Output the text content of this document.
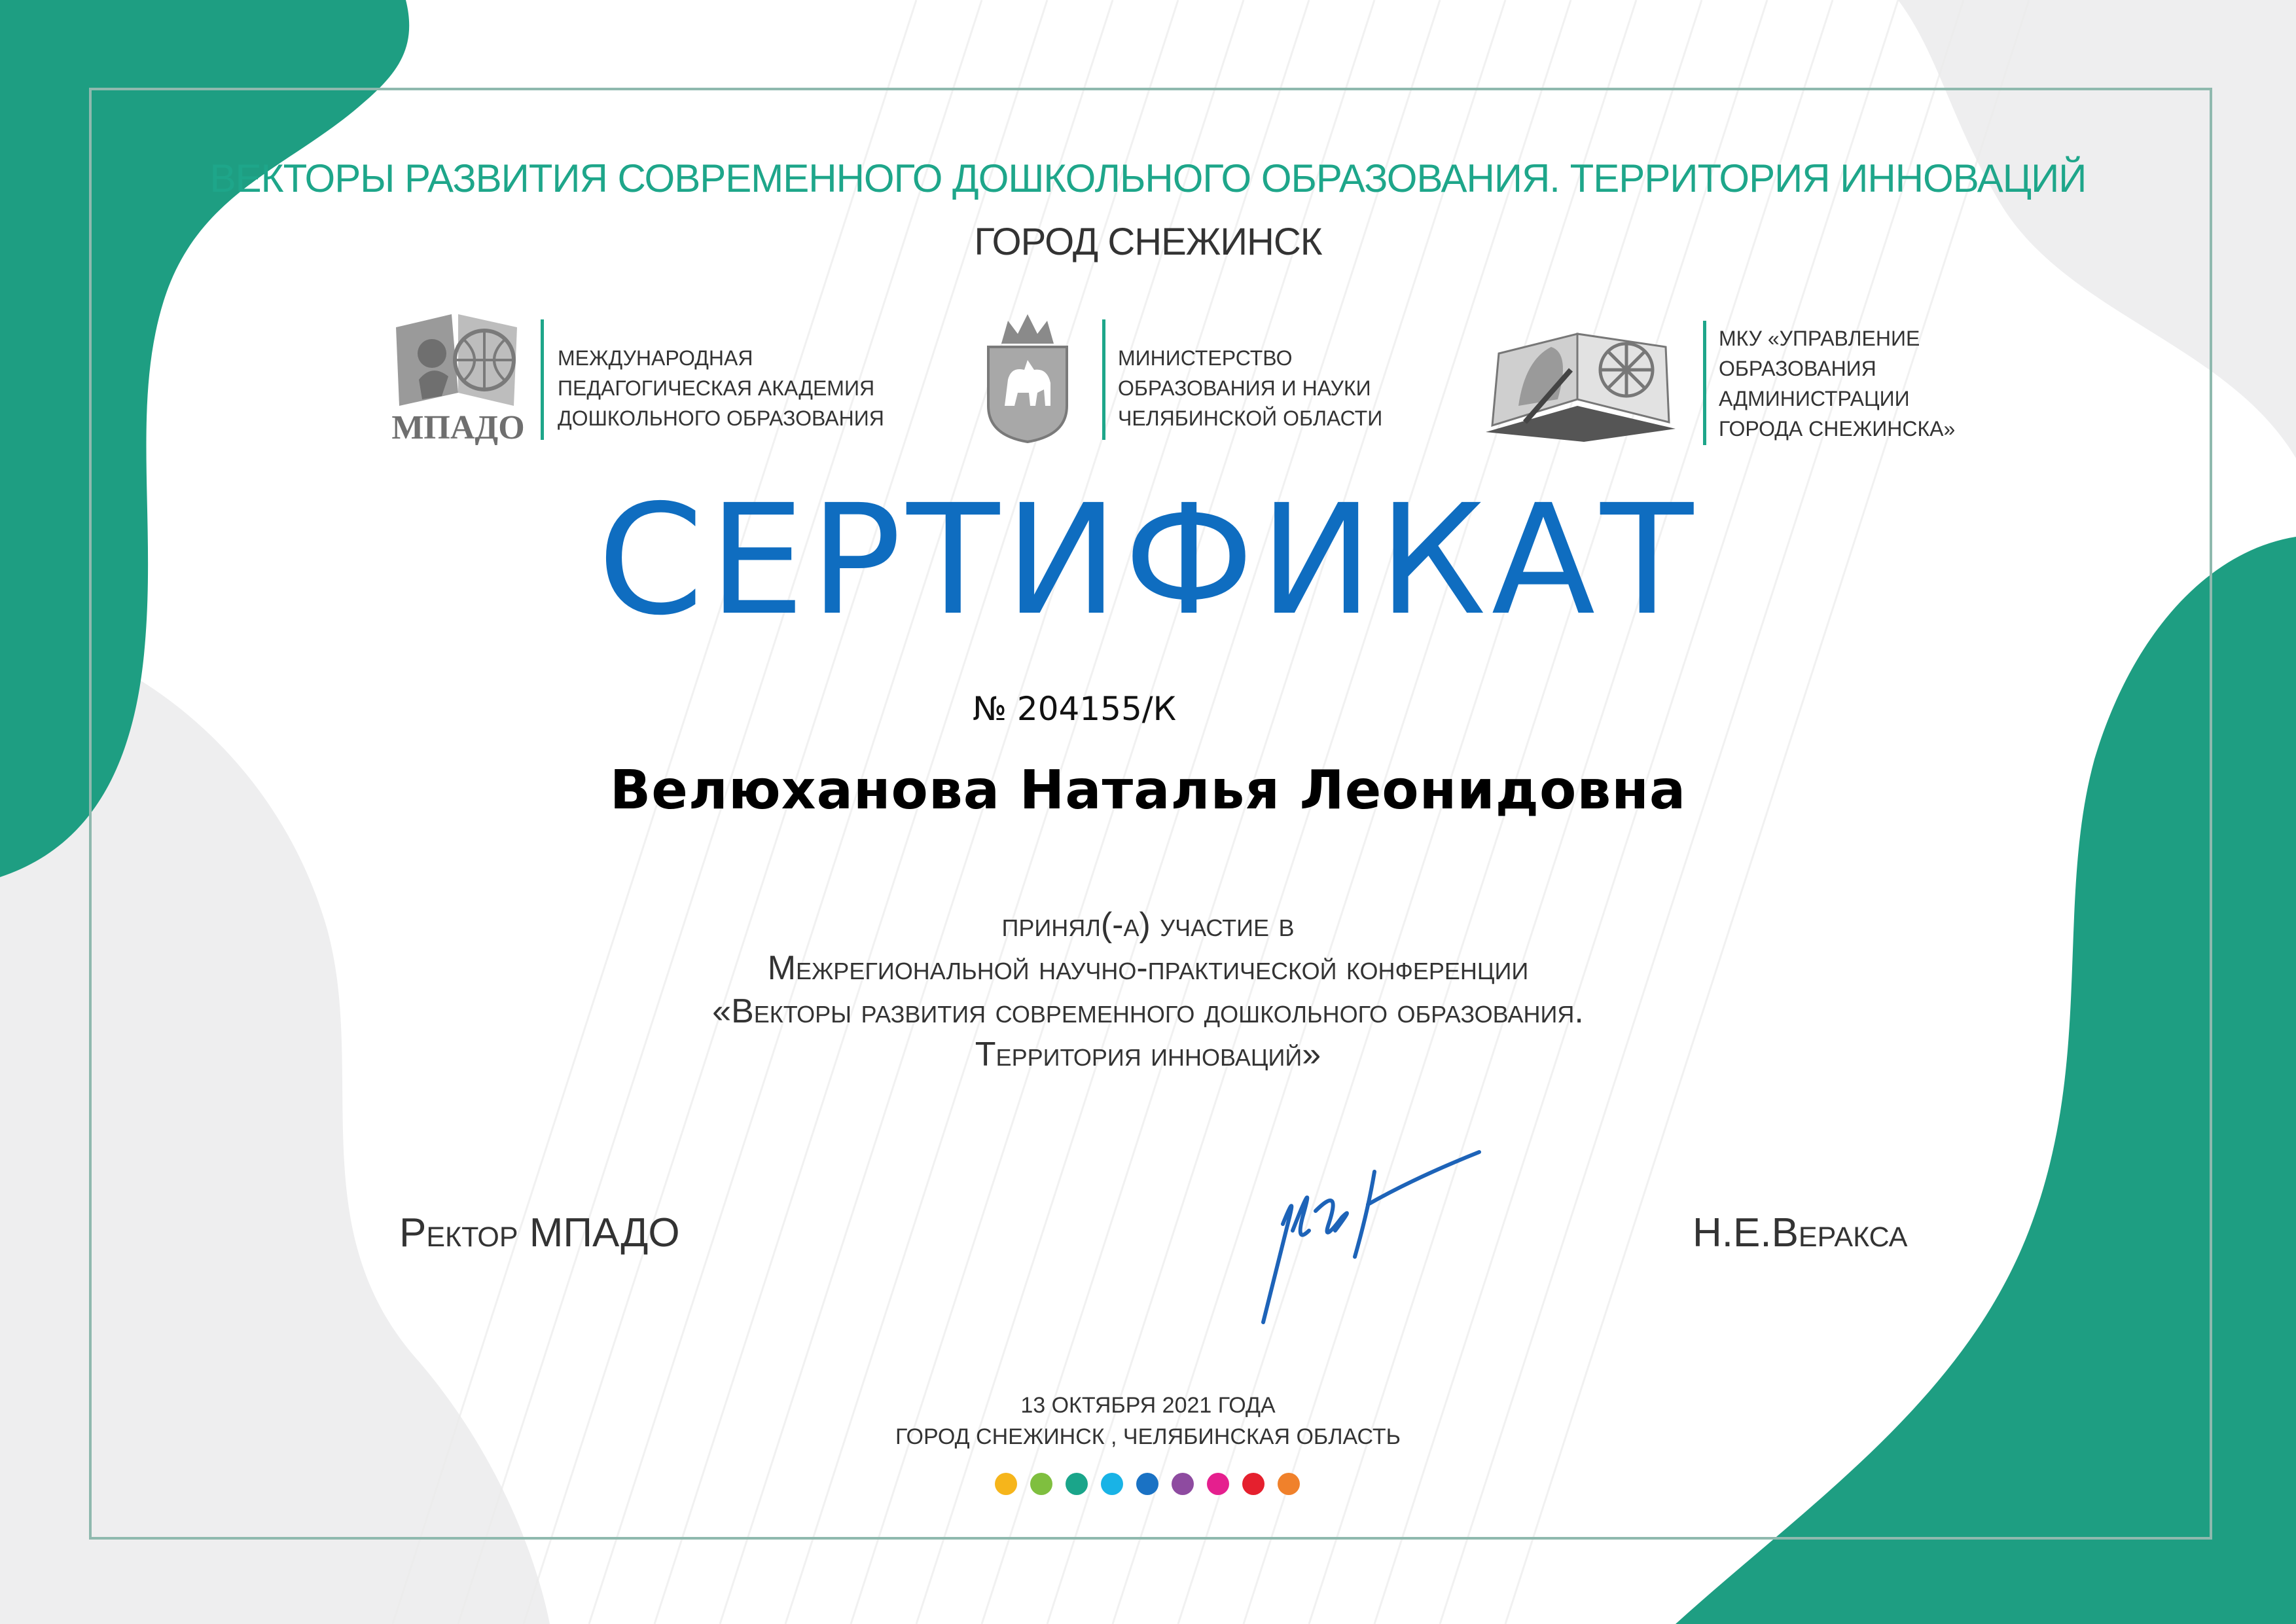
ВЕКТОРЫ РАЗВИТИЯ СОВРЕМЕННОГО ДОШКОЛЬНОГО ОБРАЗОВАНИЯ. ТЕРРИТОРИЯ ИННОВАЦИЙ
ГОРОД СНЕЖИНСК
МПАДО
МЕЖДУНАРОДНАЯ
ПЕДАГОГИЧЕСКАЯ АКАДЕМИЯ
ДОШКОЛЬНОГО ОБРАЗОВАНИЯ
МИНИСТЕРСТВО
ОБРАЗОВАНИЯ И НАУКИ
ЧЕЛЯБИНСКОЙ ОБЛАСТИ
МКУ «УПРАВЛЕНИЕ
ОБРАЗОВАНИЯ
АДМИНИСТРАЦИИ
ГОРОДА СНЕЖИНСКА»
СЕРТИФИКАТ
№ 204155/К
Велюханова Наталья Леонидовна
принял(-а) участие в
Межрегиональной научно-практической конференции
«Векторы развития современного дошкольного образования.
Территория инноваций»
Ректор МПАДО	Н.Е.Веракса
13 ОКТЯБРЯ 2021 ГОДА
ГОРОД СНЕЖИНСК , ЧЕЛЯБИНСКАЯ ОБЛАСТЬ
